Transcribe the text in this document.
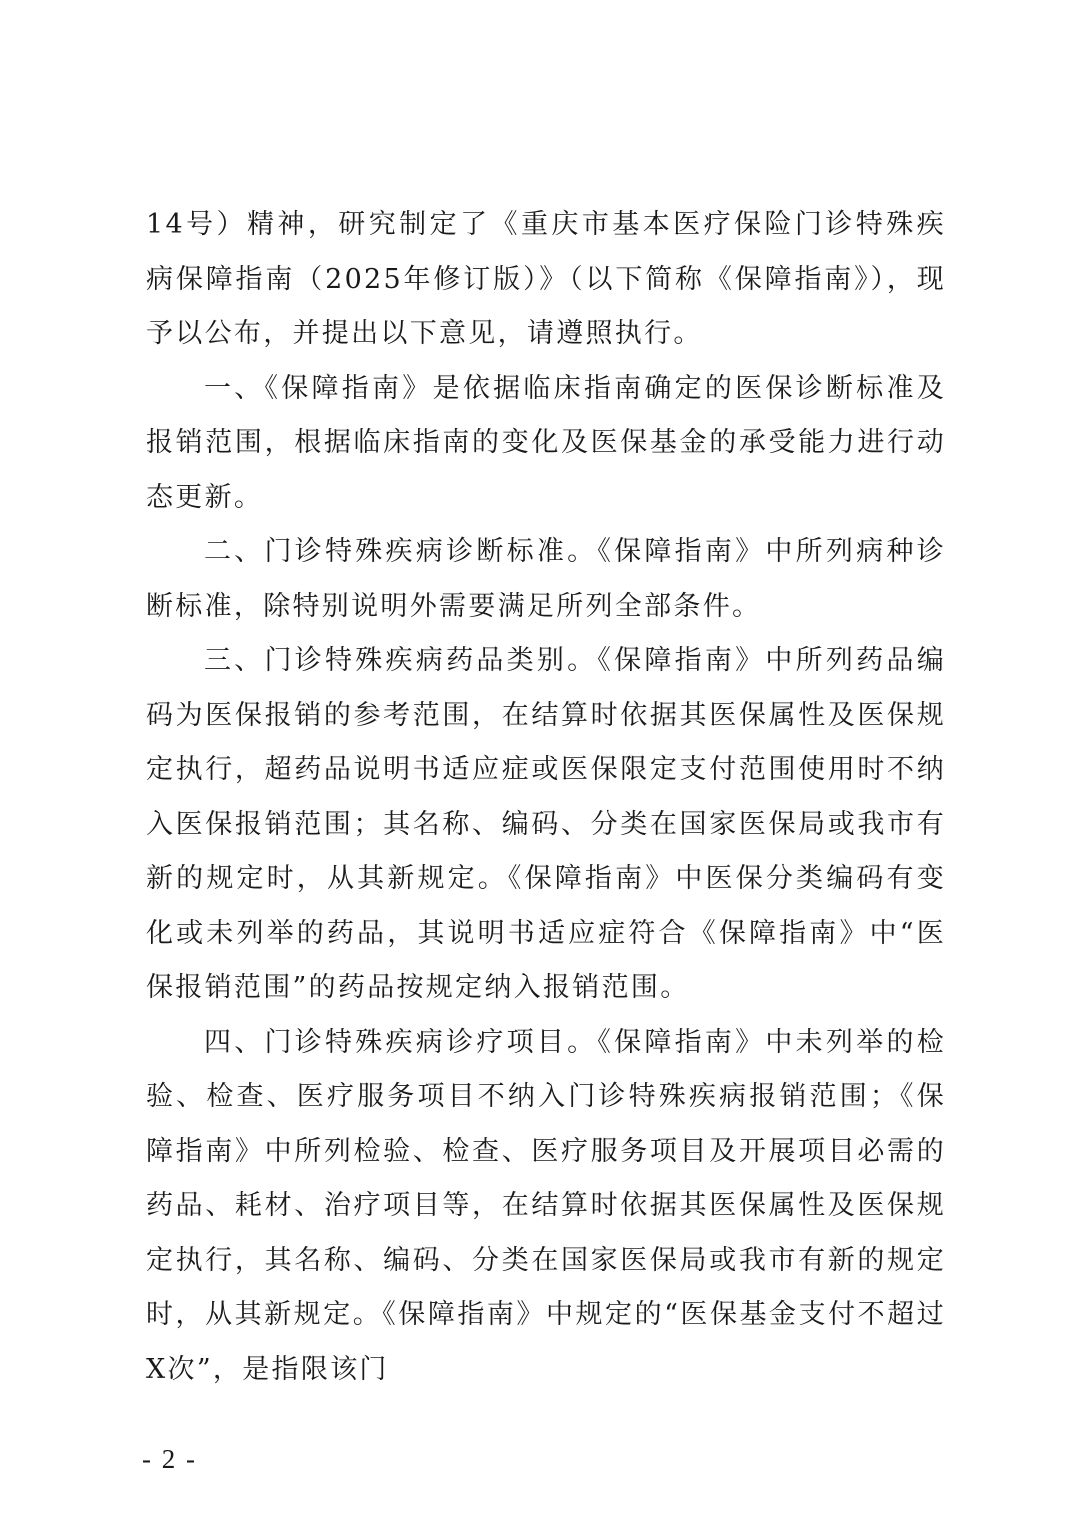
14号）精神，研究制定了《重庆市基本医疗保险门诊特殊疾病保障指南（2025年修订版）》（以下简称《保障指南》），现予以公布，并提出以下意见，请遵照执行。

一、《保障指南》是依据临床指南确定的医保诊断标准及报销范围，根据临床指南的变化及医保基金的承受能力进行动态更新。

二、门诊特殊疾病诊断标准。《保障指南》中所列病种诊断标准，除特别说明外需要满足所列全部条件。

三、门诊特殊疾病药品类别。《保障指南》中所列药品编码为医保报销的参考范围，在结算时依据其医保属性及医保规定执行，超药品说明书适应症或医保限定支付范围使用时不纳入医保报销范围；其名称、编码、分类在国家医保局或我市有新的规定时，从其新规定。《保障指南》中医保分类编码有变化或未列举的药品，其说明书适应症符合《保障指南》中“医保报销范围”的药品按规定纳入报销范围。

四、门诊特殊疾病诊疗项目。《保障指南》中未列举的检验、检查、医疗服务项目不纳入门诊特殊疾病报销范围；《保障指南》中所列检验、检查、医疗服务项目及开展项目必需的药品、耗材、治疗项目等，在结算时依据其医保属性及医保规定执行，其名称、编码、分类在国家医保局或我市有新的规定时，从其新规定。《保障指南》中规定的“医保基金支付不超过X次”，是指限该门

- 2 -
